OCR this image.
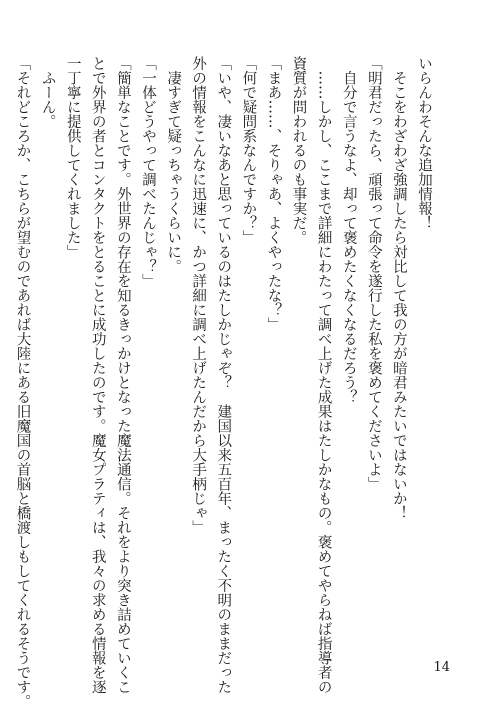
いらんわそんな追加情報！
　そこをわざわざ強調したら対比して我の方が暗君みたいではないか！
「明君だったら、頑張って命令を遂行した私を褒めてくださいよ」
　自分で言うなよ、却って褒めたくなくなるだろう？
　……しかし、ここまで詳細にわたって調べ上げた成果はたしかなもの。褒めてやらねば指導者の
資質が問われるのも事実だ。
「まあ……、そりゃあ、よくやったな？」
「何で疑問系なんですか？」
「いや、凄いなあと思っているのはたしかじゃぞ？　建国以来五百年、まったく不明のままだった
外の情報をこんなに迅速に、かつ詳細に調べ上げたんだから大手柄じゃ」
　凄すぎて疑っちゃうくらいに。
「一体どうやって調べたんじゃ？」
「簡単なことです。外世界の存在を知るきっかけとなった魔法通信。それをより突き詰めていくこ
とで外界の者とコンタクトをとることに成功したのです。魔女プラティは、我々の求める情報を逐
一丁寧に提供してくれました」
　ふーん。
「それどころか、こちらが望むのであれば大陸にある旧魔国の首脳と橋渡しもしてくれるそうです。	14
